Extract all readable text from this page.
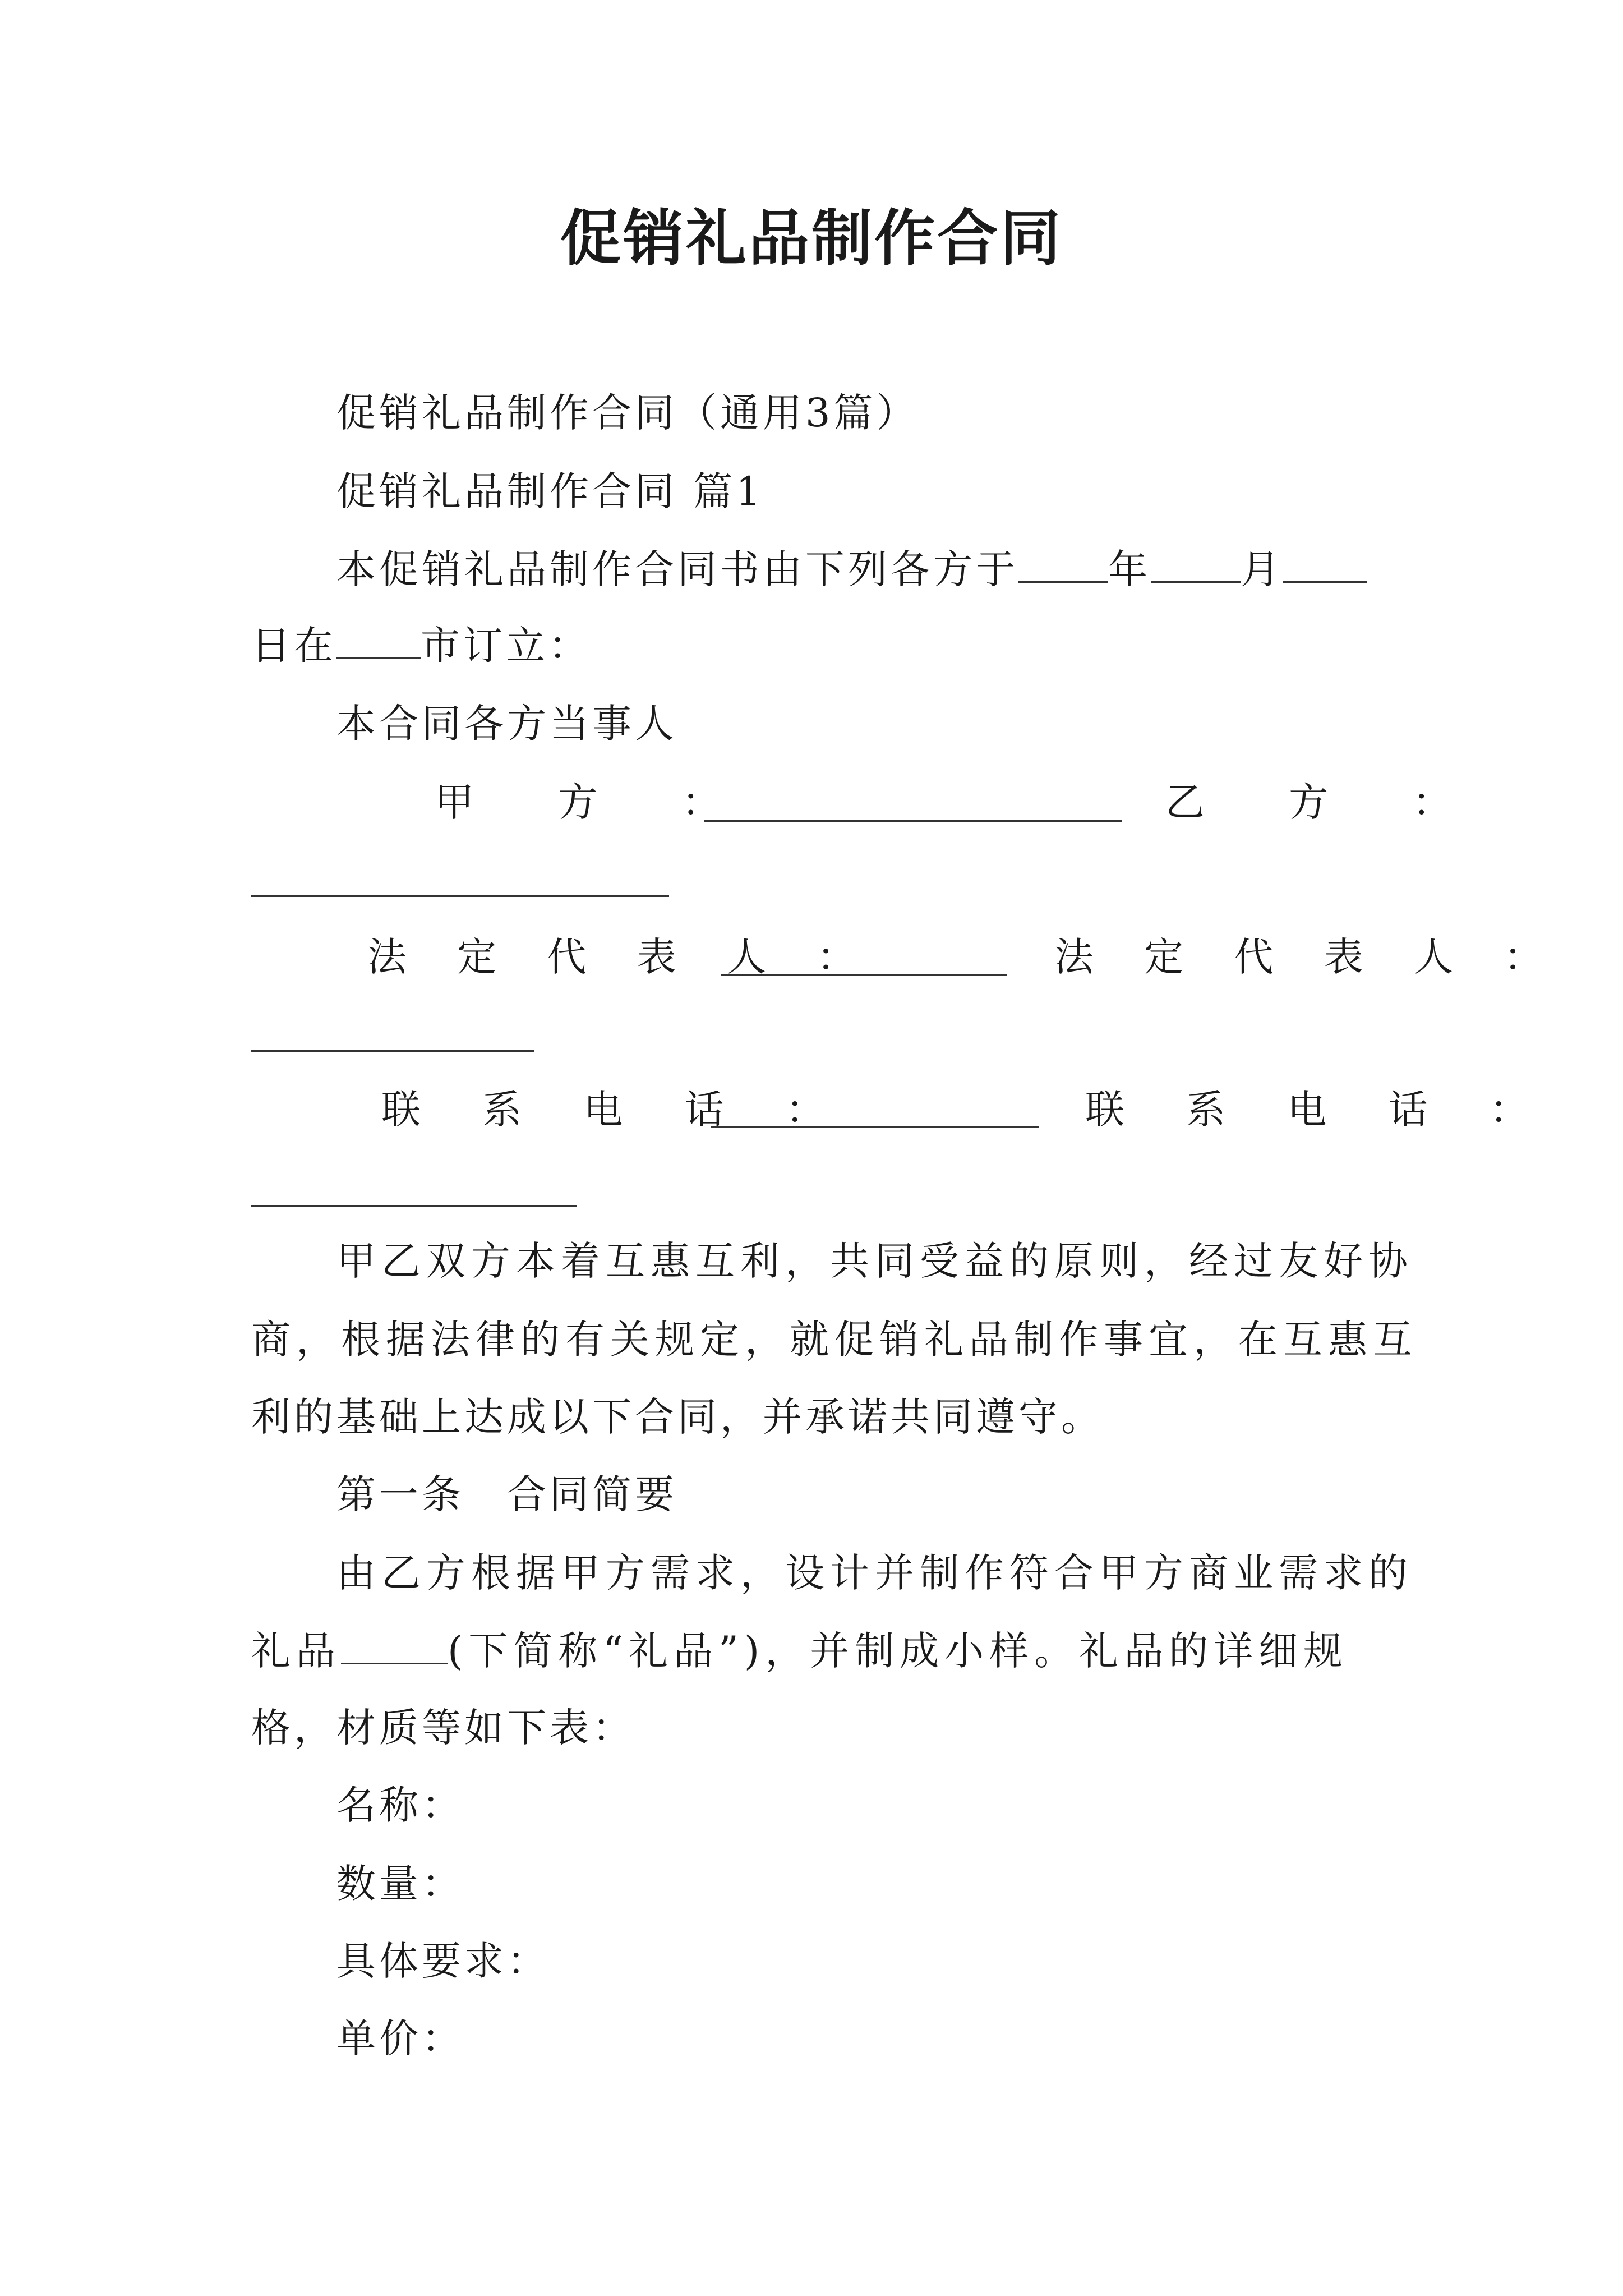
促销礼品制作合同
促销礼品制作合同（通用3篇）
促销礼品制作合同 篇1
本促销礼品制作合同书由下列各方于 年 月
日在 市订立：
本合同各方当事人
甲 方 ：	乙 方 ：
法 定 代 表 人 ：	法 定 代 表 人 ：
联 系 电 话 ：	联 系 电 话 ：
甲乙双方本着互惠互利，共同受益的原则，经过友好协
商，根据法律的有关规定，就促销礼品制作事宜，在互惠互
利的基础上达成以下合同，并承诺共同遵守。
第一条　合同简要
由乙方根据甲方需求，设计并制作符合甲方商业需求的
礼品	(下简称“礼品”)，并制成小样。礼品的详细规
格，材质等如下表：
名称：
数量：
具体要求：
单价：
